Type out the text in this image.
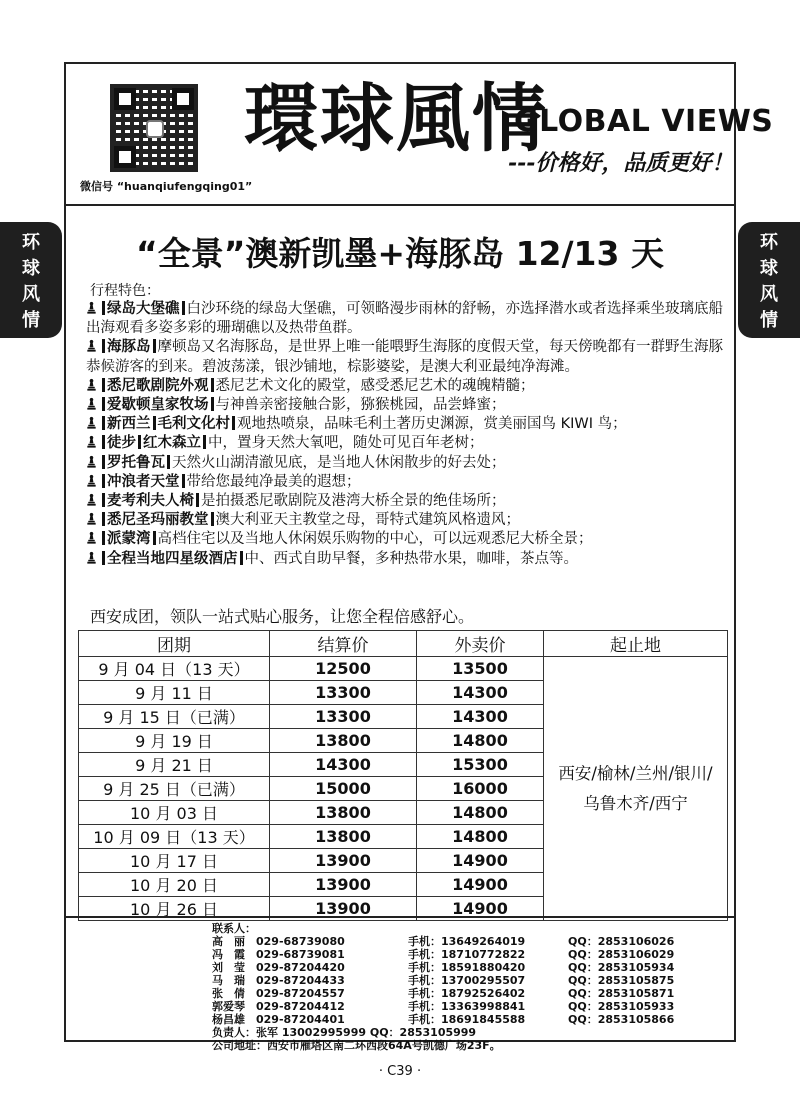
环
球
风
情
环
球
风
情
微信号 “huanqiufengqing01”
環球風情
GLOBAL VIEWS
---价格好，品质更好！
“全景”澳新凯墨+海豚岛 12/13 天
行程特色：

绿岛大堡礁 白沙环绕的绿岛大堡礁，可领略漫步雨林的舒畅，亦选择潜水或者选择乘坐玻璃底船出海观看多姿多彩的珊瑚礁以及热带鱼群。

海豚岛 摩顿岛又名海豚岛，是世界上唯一能喂野生海豚的度假天堂，每天傍晚都有一群野生海豚恭候游客的到来。碧波荡漾，银沙铺地，棕影婆娑，是澳大利亚最纯净海滩。

悉尼歌剧院外观 悉尼艺术文化的殿堂，感受悉尼艺术的魂魄精髓；

爱歇顿皇家牧场 与神兽亲密接触合影，猕猴桃园，品尝蜂蜜；

新西兰 毛利文化村 观地热喷泉，品味毛利土著历史渊源，赏美丽国鸟 KIWI 鸟；

徒步 红木森立 中，置身天然大氧吧，随处可见百年老树；

罗托鲁瓦 天然火山湖清澈见底，是当地人休闲散步的好去处；

冲浪者天堂 带给您最纯净最美的遐想；

麦考利夫人椅 是拍摄悉尼歌剧院及港湾大桥全景的绝佳场所；

悉尼圣玛丽教堂 澳大利亚天主教堂之母，哥特式建筑风格遗风；

派蒙湾 高档住宅以及当地人休闲娱乐购物的中心，可以远观悉尼大桥全景；

全程当地四星级酒店 中、西式自助早餐，多种热带水果，咖啡，茶点等。

西安成团，领队一站式贴心服务，让您全程倍感舒心。
团期	结算价	外卖价	起止地
9 月 04 日（13 天）	12500	13500	西安/榆林/兰州/银川/乌鲁木齐/西宁
9 月 11 日	13300	14300	
9 月 15 日（已满）	13300	14300	
9 月 19 日	13800	14800	
9 月 21 日	14300	15300	
9 月 25 日（已满）	15000	16000	
10 月 03 日	13800	14800	
10 月 09 日（13 天）	13800	14800	
10 月 17 日	13900	14900	
10 月 20 日	13900	14900	
10 月 26 日	13900	14900	
联系人：
高　丽 029-68739080	手机：13649264019	QQ：2853106026
冯　霞 029-68739081	手机：18710772822	QQ：2853106029
刘　莹 029-87204420	手机：18591880420	QQ：2853105934
马　瑞 029-87204433	手机：13700295507	QQ：2853105875
张　倩 029-87204557	手机：18792526402	QQ：2853105871
郭爱琴 029-87204412	手机：13363998841	QQ：2853105933
杨昌雄 029-87204401	手机：18691845588	QQ：2853105866
负责人：张军 13002995999 QQ：2853105999
公司地址：西安市雁塔区南二环西段64A号凯德广场23F。
· C39 ·
